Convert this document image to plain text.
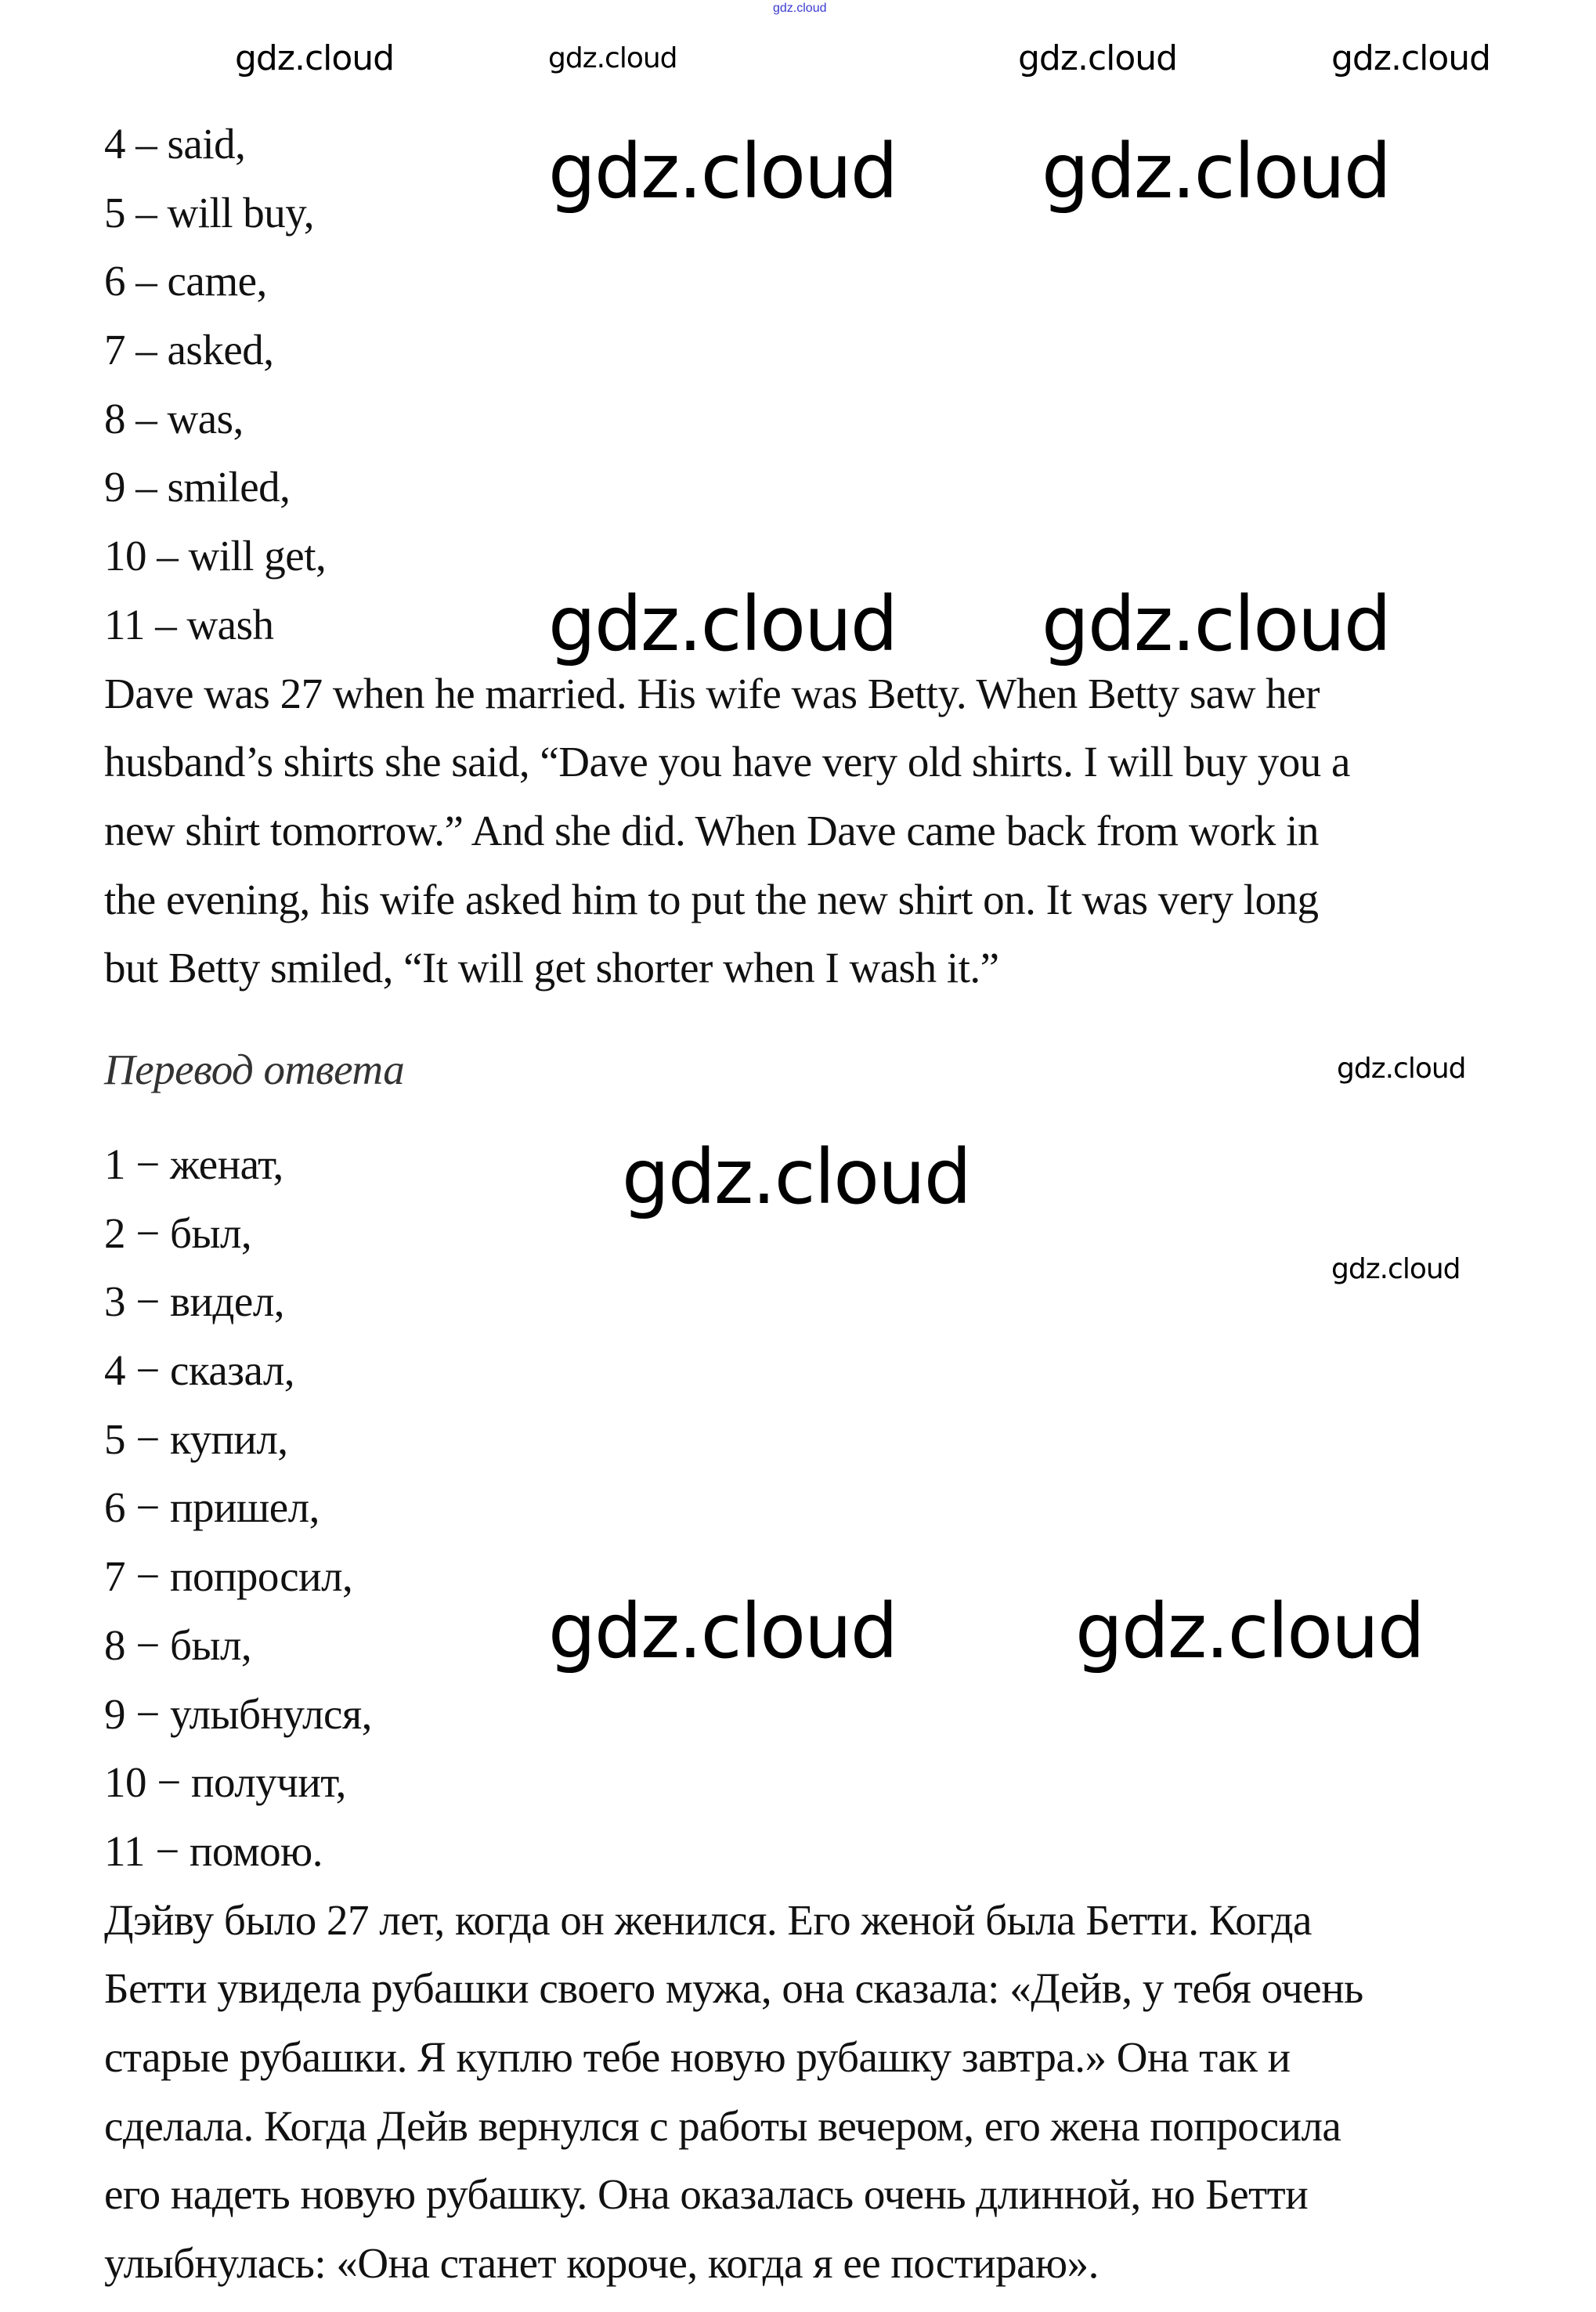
gdz.cloud
4 – said,
5 – will buy,
6 – came,
7 – asked,
8 – was,
9 – smiled,
10 – will get,
11 – wash
Dave was 27 when he married. His wife was Betty. When Betty saw her
husband’s shirts she said, “Dave you have very old shirts. I will buy you a
new shirt tomorrow.” And she did. When Dave came back from work in
the evening, his wife asked him to put the new shirt on. It was very long
but Betty smiled, “It will get shorter when I wash it.”
Перевод ответа
1 − женат,
2 − был,
3 − видел,
4 − сказал,
5 − купил,
6 − пришел,
7 − попросил,
8 − был,
9 − улыбнулся,
10 − получит,
11 − помою.
Дэйву было 27 лет, когда он женился. Его женой была Бетти. Когда
Бетти увидела рубашки своего мужа, она сказала: «Дейв, у тебя очень
старые рубашки. Я куплю тебе новую рубашку завтра.» Она так и
сделала. Когда Дейв вернулся с работы вечером, его жена попросила
его надеть новую рубашку. Она оказалась очень длинной, но Бетти
улыбнулась: «Она станет короче, когда я ее постираю».
gdz.cloud gdz.cloud
gdz.cloud gdz.cloud
gdz.cloud
gdz.cloud gdz.cloud
gdz.cloud
gdz.cloud
gdz.cloud	gdz.cloud	gdz.cloud	gdz.cloud
